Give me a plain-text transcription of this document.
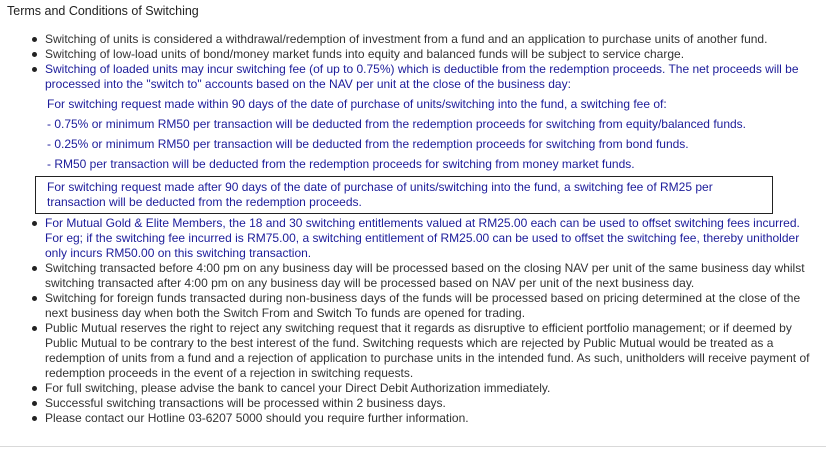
Terms and Conditions of Switching
Switching of units is considered a withdrawal/redemption of investment from a fund and an application to purchase units of another fund.
Switching of low-load units of bond/money market funds into equity and balanced funds will be subject to service charge.
Switching of loaded units may incur switching fee (of up to 0.75%) which is deductible from the redemption proceeds. The net proceeds will be processed into the "switch to" accounts based on the NAV per unit at the close of the business day:
For switching request made within 90 days of the date of purchase of units/switching into the fund, a switching fee of:
- 0.75% or minimum RM50 per transaction will be deducted from the redemption proceeds for switching from equity/balanced funds.
- 0.25% or minimum RM50 per transaction will be deducted from the redemption proceeds for switching from bond funds.
- RM50 per transaction will be deducted from the redemption proceeds for switching from money market funds.
For switching request made after 90 days of the date of purchase of units/switching into the fund, a switching fee of RM25 per transaction will be deducted from the redemption proceeds.
For Mutual Gold & Elite Members, the 18 and 30 switching entitlements valued at RM25.00 each can be used to offset switching fees incurred. For eg; if the switching fee incurred is RM75.00, a switching entitlement of RM25.00 can be used to offset the switching fee, thereby unitholder only incurs RM50.00 on this switching transaction.
Switching transacted before 4:00 pm on any business day will be processed based on the closing NAV per unit of the same business day whilst switching transacted after 4:00 pm on any business day will be processed based on NAV per unit of the next business day.
Switching for foreign funds transacted during non-business days of the funds will be processed based on pricing determined at the close of the next business day when both the Switch From and Switch To funds are opened for trading.
Public Mutual reserves the right to reject any switching request that it regards as disruptive to efficient portfolio management; or if deemed by Public Mutual to be contrary to the best interest of the fund. Switching requests which are rejected by Public Mutual would be treated as a redemption of units from a fund and a rejection of application to purchase units in the intended fund. As such, unitholders will receive payment of redemption proceeds in the event of a rejection in switching requests.
For full switching, please advise the bank to cancel your Direct Debit Authorization immediately.
Successful switching transactions will be processed within 2 business days.
Please contact our Hotline 03-6207 5000 should you require further information.
